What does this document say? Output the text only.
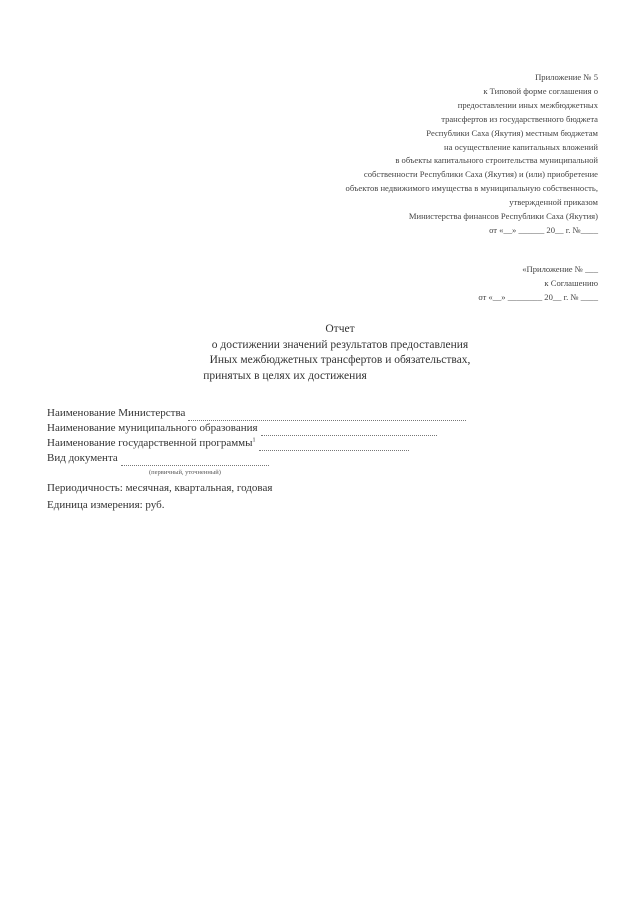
Приложение № 5
к Типовой форме соглашения о
предоставлении иных межбюджетных
трансфертов из государственного бюджета
Республики Саха (Якутия) местным бюджетам
на осуществление капитальных вложений
в объекты капитального строительства муниципальной
собственности Республики Саха (Якутия) и (или) приобретение
объектов недвижимого имущества в муниципальную собственность,
утвержденной приказом
Министерства финансов Республики Саха (Якутия)
от «__» ______ 20__ г. №____
«Приложение № ___
к Соглашению
от «__» ________ 20__ г. № ____
Отчет
о достижении значений результатов предоставления
Иных межбюджетных трансфертов и обязательствах,
принятых в целях их достижения
Наименование Министерства
Наименование муниципального образования
Наименование государственной программы$^1$
Вид документа
(первичный, уточненный)
Периодичность: месячная, квартальная, годовая
Единица измерения: руб.
